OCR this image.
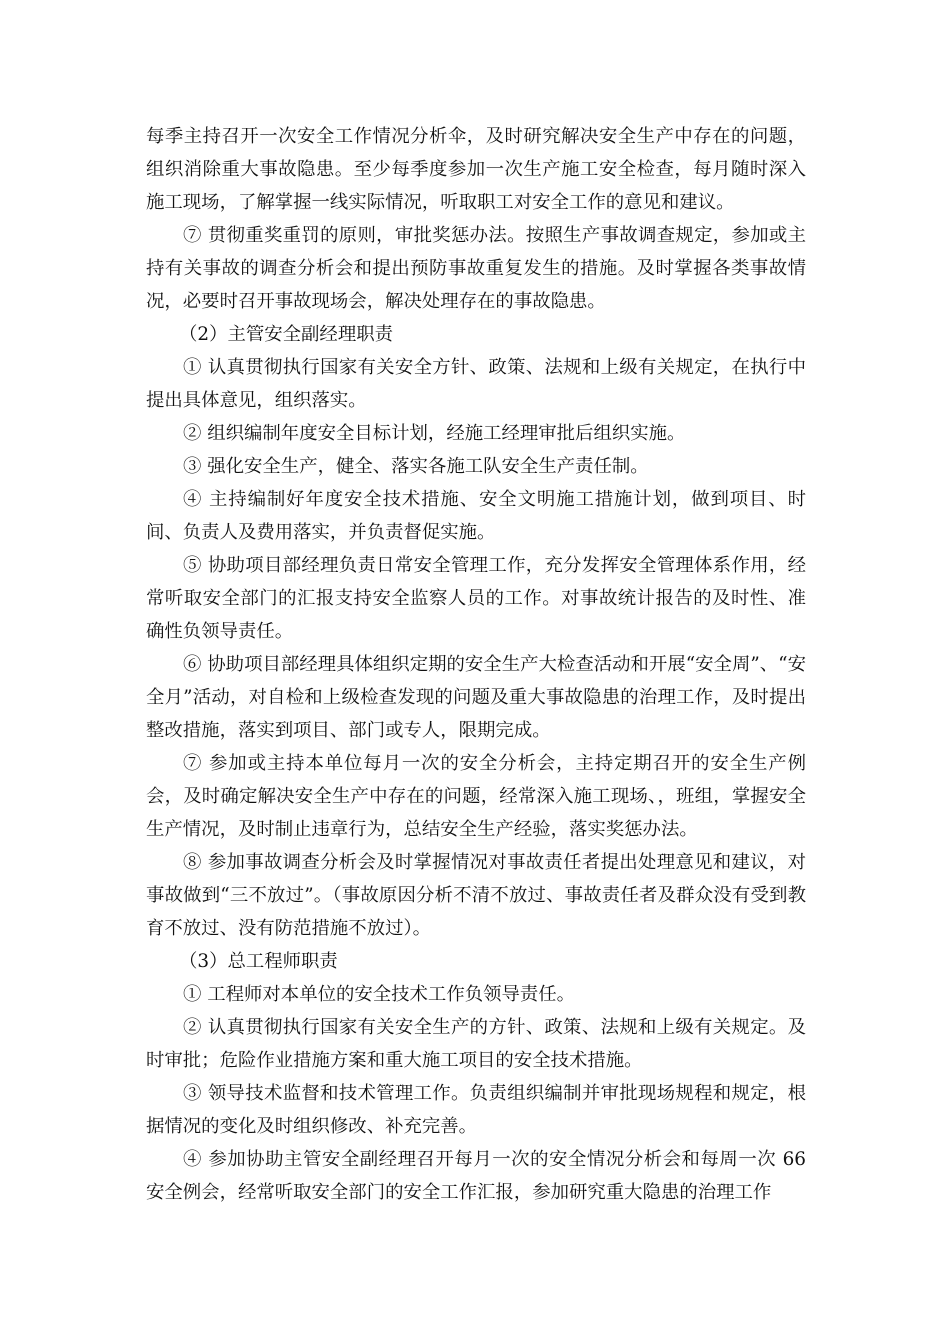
每季主持召开一次安全工作情况分析伞，及时研究解决安全生产中存在的问题，组织消除重大事故隐患。至少每季度参加一次生产施工安全检查，每月随时深入施工现场，了解掌握一线实际情况，听取职工对安全工作的意见和建议。

⑦ 贯彻重奖重罚的原则，审批奖惩办法。按照生产事故调查规定，参加或主持有关事故的调查分析会和提出预防事故重复发生的措施。及时掌握各类事故情况，必要时召开事故现场会，解决处理存在的事故隐患。

（2）主管安全副经理职责

① 认真贯彻执行国家有关安全方针、政策、法规和上级有关规定，在执行中提出具体意见，组织落实。

② 组织编制年度安全目标计划，经施工经理审批后组织实施。

③ 强化安全生产，健全、落实各施工队安全生产责任制。

④ 主持编制好年度安全技术措施、安全文明施工措施计划，做到项目、时间、负责人及费用落实，并负责督促实施。

⑤ 协助项目部经理负责日常安全管理工作，充分发挥安全管理体系作用，经常听取安全部门的汇报支持安全监察人员的工作。对事故统计报告的及时性、准确性负领导责任。

⑥ 协助项目部经理具体组织定期的安全生产大检查活动和开展“安全周”、“安全月”活动，对自检和上级检查发现的问题及重大事故隐患的治理工作，及时提出整改措施，落实到项目、部门或专人，限期完成。

⑦ 参加或主持本单位每月一次的安全分析会，主持定期召开的安全生产例会，及时确定解决安全生产中存在的问题，经常深入施工现场、，班组，掌握安全生产情况，及时制止违章行为，总结安全生产经验，落实奖惩办法。

⑧ 参加事故调查分析会及时掌握情况对事故责任者提出处理意见和建议，对事故做到“三不放过”。（事故原因分析不清不放过、事故责任者及群众没有受到教育不放过、没有防范措施不放过）。

（3）总工程师职责

① 工程师对本单位的安全技术工作负领导责任。

② 认真贯彻执行国家有关安全生产的方针、政策、法规和上级有关规定。及时审批；危险作业措施方案和重大施工项目的安全技术措施。

③ 领导技术监督和技术管理工作。负责组织编制并审批现场规程和规定，根据情况的变化及时组织修改、补充完善。

④ 参加协助主管安全副经理召开每月一次的安全情况分析会和每周一次 66 安全例会，经常听取安全部门的安全工作汇报，参加研究重大隐患的治理工作
